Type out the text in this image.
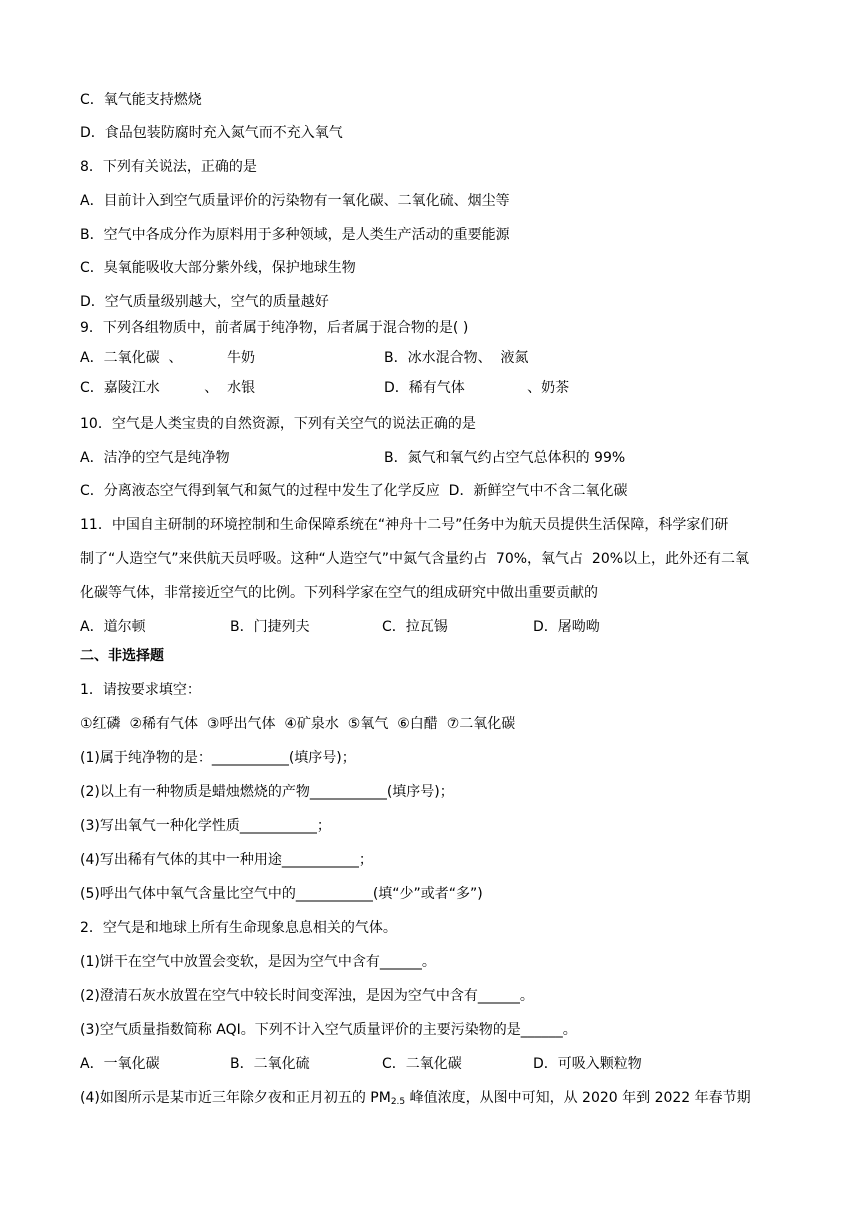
C．氧气能支持燃烧
D．食品包装防腐时充入氮气而不充入氧气
8．下列有关说法，正确的是
A．目前计入到空气质量评价的污染物有一氧化碳、二氧化硫、烟尘等
B．空气中各成分作为原料用于多种领域，是人类生产活动的重要能源
C．臭氧能吸收大部分紫外线，保护地球生物
D．空气质量级别越大，空气的质量越好
9．下列各组物质中，前者属于纯净物，后者属于混合物的是( )
A．二氧化碳  、          牛奶	B．冰水混合物、  液氮
C．嘉陵江水          、  水银	D．稀有气体              、奶茶
10．空气是人类宝贵的自然资源，下列有关空气的说法正确的是
A．洁净的空气是纯净物	B．氮气和氧气约占空气总体积的 99%
C．分离液态空气得到氧气和氮气的过程中发生了化学反应  D．新鲜空气中不含二氧化碳
11．中国自主研制的环境控制和生命保障系统在“神舟十二号”任务中为航天员提供生活保障，科学家们研
制了“人造空气”来供航天员呼吸。这种“人造空气”中氮气含量约占  70%，氧气占  20%以上，此外还有二氧
化碳等气体，非常接近空气的比例。下列科学家在空气的组成研究中做出重要贡献的
A．道尔顿	B．门捷列夫	C．拉瓦锡	D．屠呦呦
二、非选择题
1．请按要求填空：
①红磷  ②稀有气体  ③呼出气体  ④矿泉水  ⑤氧气  ⑥白醋  ⑦二氧化碳
(1)属于纯净物的是：___________(填序号)；
(2)以上有一种物质是蜡烛燃烧的产物___________(填序号)；
(3)写出氧气一种化学性质___________；
(4)写出稀有气体的其中一种用途___________；
(5)呼出气体中氧气含量比空气中的___________(填“少”或者“多”)
2．空气是和地球上所有生命现象息息相关的气体。
(1)饼干在空气中放置会变软，是因为空气中含有______。
(2)澄清石灰水放置在空气中较长时间变浑浊，是因为空气中含有______。
(3)空气质量指数简称 AQI。下列不计入空气质量评价的主要污染物的是______。
A．一氧化碳	B．二氧化硫	C．二氧化碳	D．可吸入颗粒物
(4)如图所示是某市近三年除夕夜和正月初五的 $PM_{2.5}$ 峰值浓度，从图中可知，从 2020 年到 2022 年春节期
